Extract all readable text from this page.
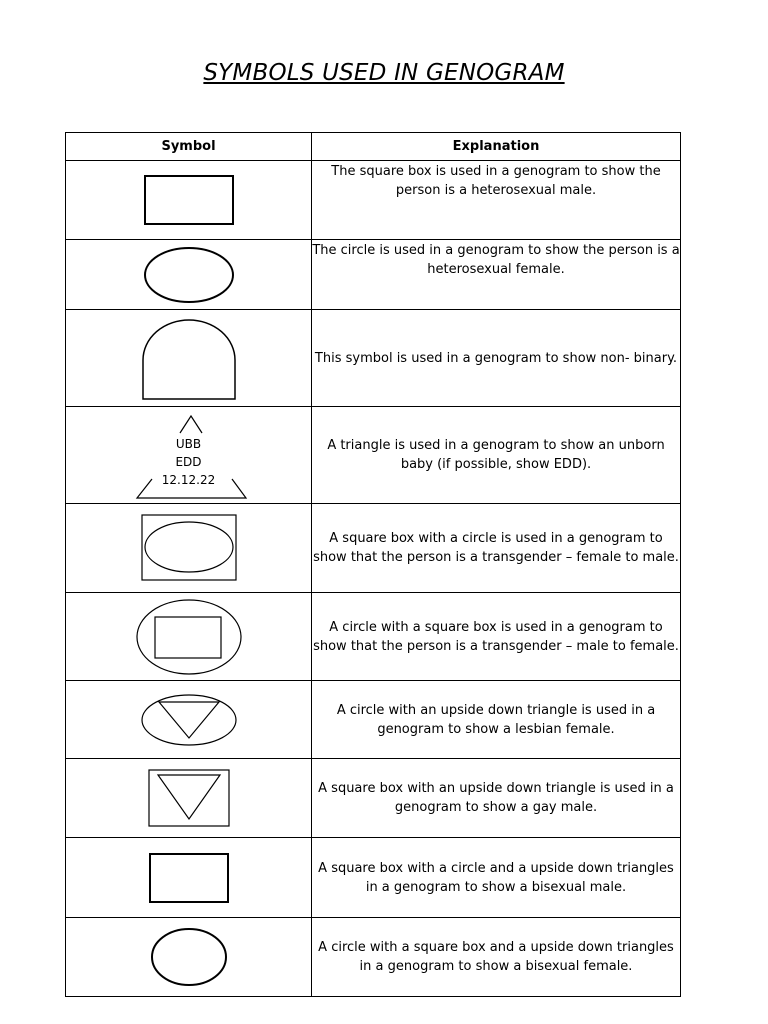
SYMBOLS USED IN GENOGRAM
Symbol	Explanation

	The square box is used in a genogram to show the person is a heterosexual male.

	The circle is used in a genogram to show the person is a heterosexual female.

	This symbol is used in a genogram to show non- binary.

UBB
EDD
12.12.22	A triangle is used in a genogram to show an unborn baby (if possible, show EDD).

	A square box with a circle is used in a genogram to show that the person is a transgender – female to male.

	A circle with a square box is used in a genogram to show that the person is a transgender – male to female.

	A circle with an upside down triangle is used in a genogram to show a lesbian female.

	A square box with an upside down triangle is used in a genogram to show a gay male.

	A square box with a circle and a upside down triangles in a genogram to show a bisexual male.

	A circle with a square box and a upside down triangles in a genogram to show a bisexual female.
